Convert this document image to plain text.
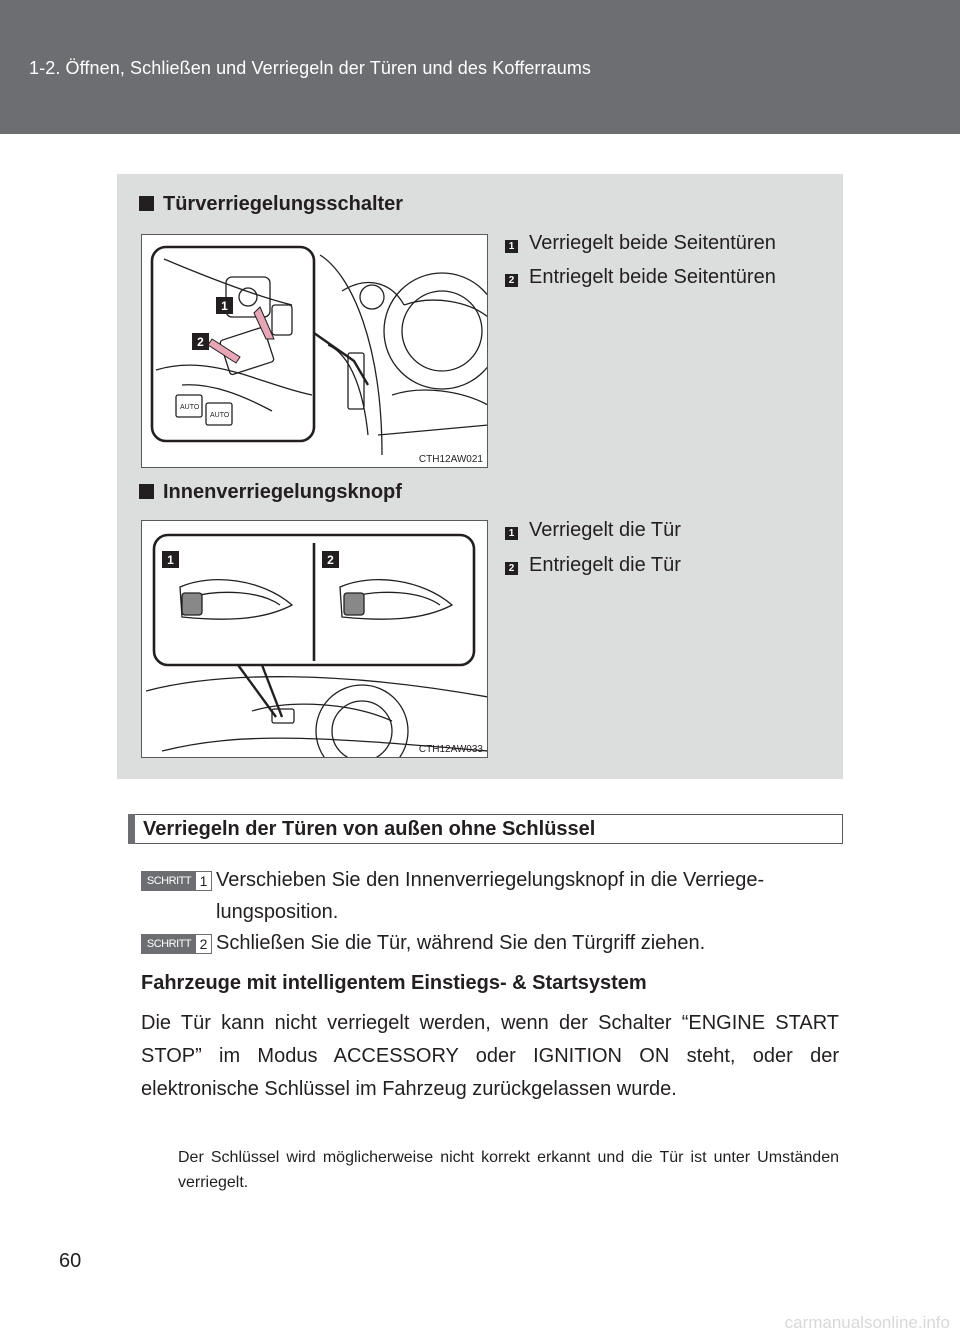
1-2. Öffnen, Schließen und Verriegeln der Türen und des Kofferraums
Türverriegelungsschalter
AUTO
AUTO
1
2
CTH12AW021
1 Verriegelt beide Seitentüren
2 Entriegelt beide Seitentüren
Innenverriegelungsknopf
1	2
CTH12AW033
1 Verriegelt die Tür
2 Entriegelt die Tür
Verriegeln der Türen von außen ohne Schlüssel
SCHRITT 1 Verschieben Sie den Innenverriegelungsknopf in die Verriege-
lungsposition.
SCHRITT 2 Schließen Sie die Tür, während Sie den Türgriff ziehen.
Fahrzeuge mit intelligentem Einstiegs- & Startsystem
Die Tür kann nicht verriegelt werden, wenn der Schalter “ENGINE START STOP” im Modus ACCESSORY oder IGNITION ON steht, oder der elektronische Schlüssel im Fahrzeug zurückgelassen wurde.
Der Schlüssel wird möglicherweise nicht korrekt erkannt und die Tür ist unter Umständen verriegelt.
60
carmanualsonline.info
